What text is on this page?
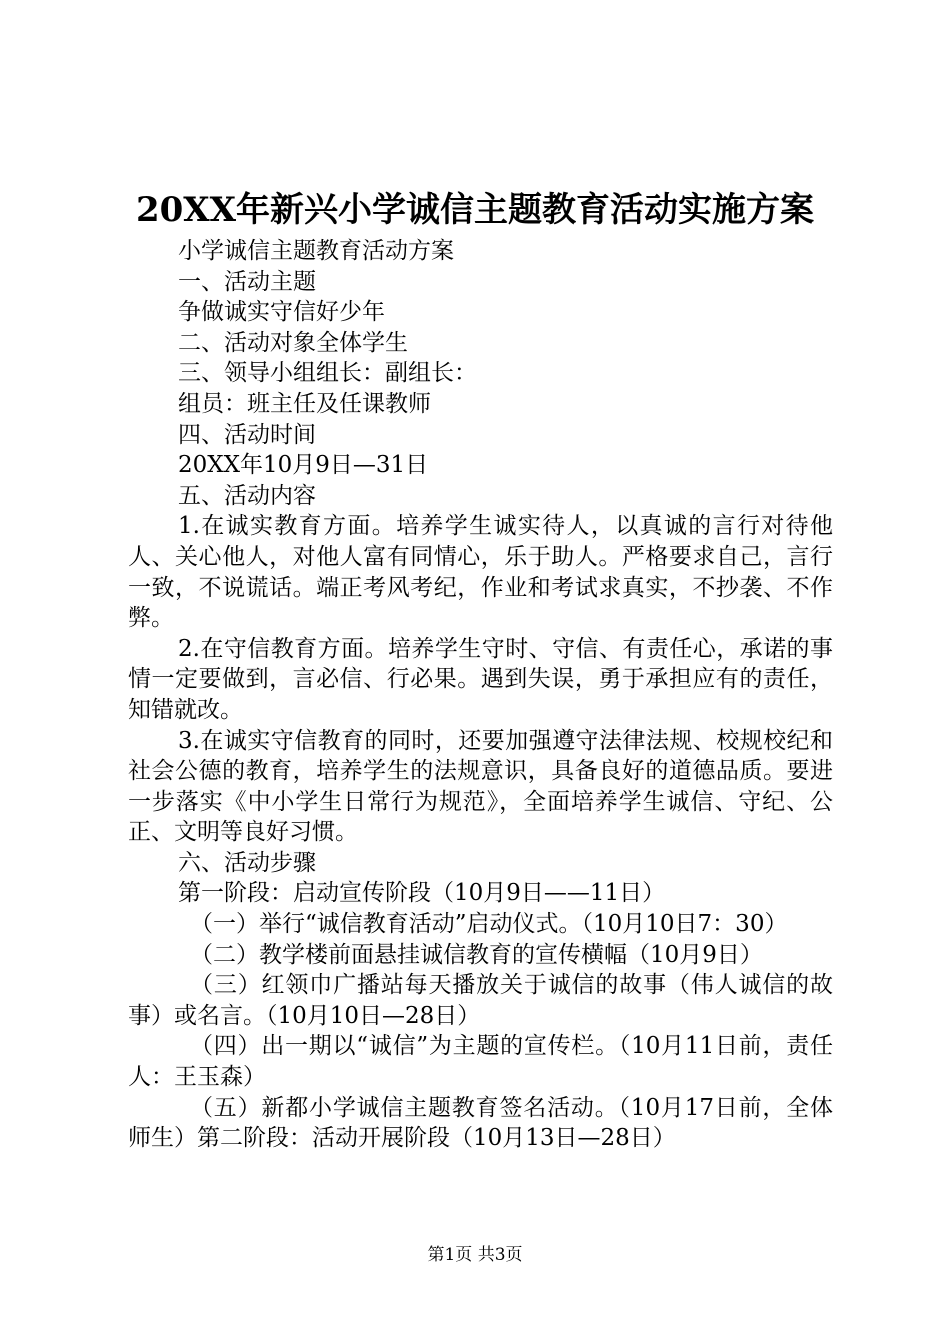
20XX年新兴小学诚信主题教育活动实施方案
小学诚信主题教育活动方案
一、活动主题
争做诚实守信好少年
二、活动对象全体学生
三、领导小组组长：副组长：
组员：班主任及任课教师
四、活动时间
20XX年10月9日—31日
五、活动内容

1.在诚实教育方面。培养学生诚实待人，以真诚的言行对待他人、关心他人，对他人富有同情心，乐于助人。严格要求自己，言行一致，不说谎话。端正考风考纪，作业和考试求真实，不抄袭、不作弊。

2.在守信教育方面。培养学生守时、守信、有责任心，承诺的事情一定要做到，言必信、行必果。遇到失误，勇于承担应有的责任，知错就改。

3.在诚实守信教育的同时，还要加强遵守法律法规、校规校纪和社会公德的教育，培养学生的法规意识，具备良好的道德品质。要进一步落实《中小学生日常行为规范》，全面培养学生诚信、守纪、公正、文明等良好习惯。

六、活动步骤
第一阶段：启动宣传阶段（10月9日——11日）

（一）举行“诚信教育活动”启动仪式。（10月10日7：30）

（二）教学楼前面悬挂诚信教育的宣传横幅（10月9日）

（三）红领巾广播站每天播放关于诚信的故事（伟人诚信的故事）或名言。（10月10日—28日）

（四）出一期以“诚信”为主题的宣传栏。（10月11日前，责任人：王玉森）

（五）新都小学诚信主题教育签名活动。（10月17日前，全体师生）第二阶段：活动开展阶段（10月13日—28日）

第1页 共3页
